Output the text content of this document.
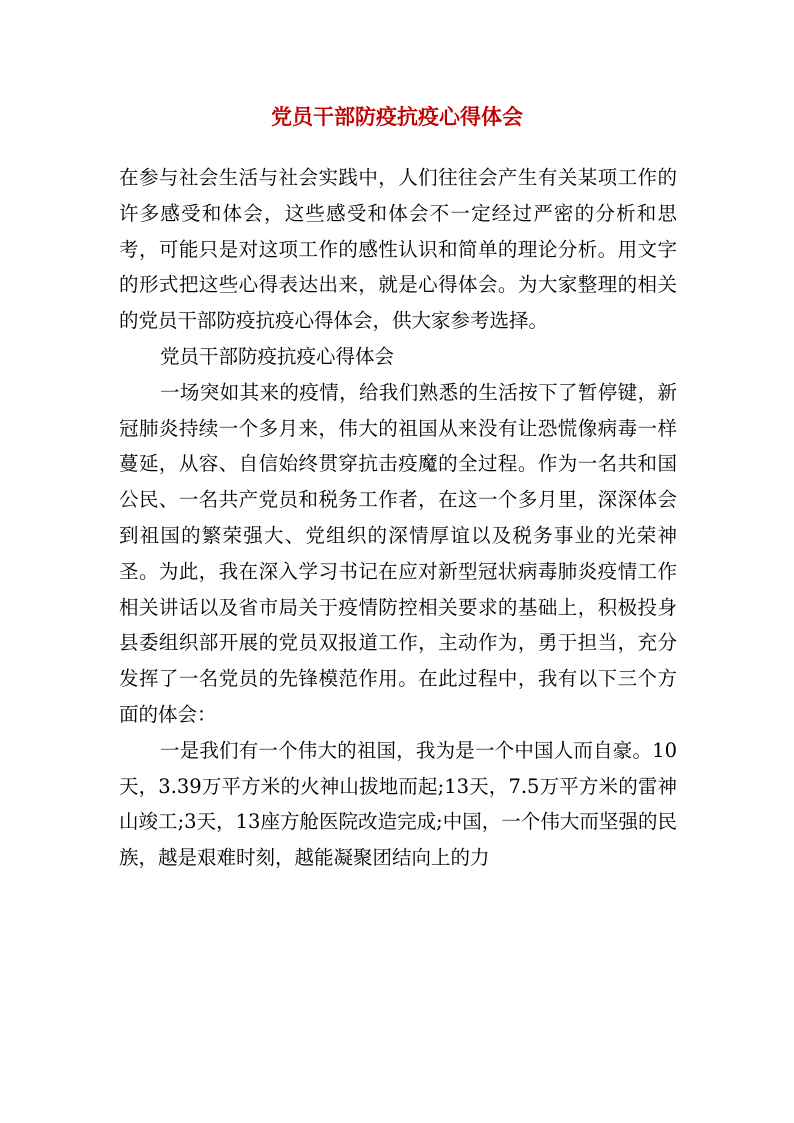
党员干部防疫抗疫心得体会

在参与社会生活与社会实践中，人们往往会产生有关某项工作的许多感受和体会，这些感受和体会不一定经过严密的分析和思考，可能只是对这项工作的感性认识和简单的理论分析。用文字的形式把这些心得表达出来，就是心得体会。为大家整理的相关的党员干部防疫抗疫心得体会，供大家参考选择。

党员干部防疫抗疫心得体会

一场突如其来的疫情，给我们熟悉的生活按下了暂停键，新冠肺炎持续一个多月来，伟大的祖国从来没有让恐慌像病毒一样蔓延，从容、自信始终贯穿抗击疫魔的全过程。作为一名共和国公民、一名共产党员和税务工作者，在这一个多月里，深深体会到祖国的繁荣强大、党组织的深情厚谊以及税务事业的光荣神圣。为此，我在深入学习书记在应对新型冠状病毒肺炎疫情工作相关讲话以及省市局关于疫情防控相关要求的基础上，积极投身县委组织部开展的党员双报道工作，主动作为，勇于担当，充分发挥了一名党员的先锋模范作用。在此过程中，我有以下三个方面的体会：

一是我们有一个伟大的祖国，我为是一个中国人而自豪。10天，3.39万平方米的火神山拔地而起;13天，7.5万平方米的雷神山竣工;3天，13座方舱医院改造完成;中国，一个伟大而坚强的民族，越是艰难时刻，越能凝聚团结向上的力
